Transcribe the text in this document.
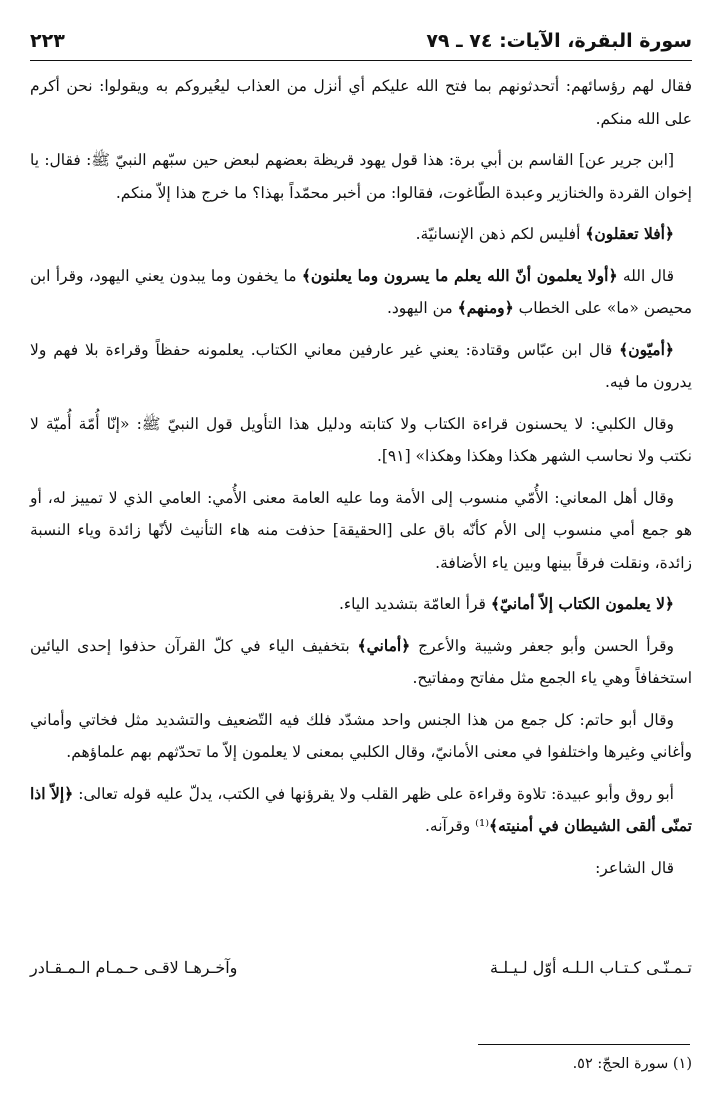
سورة البقرة، الآيات: ٧٤ ـ ٧٩
٢٢٣

فقال لهم رؤسائهم: أتحدثونهم بما فتح الله عليكم أي أنزل من العذاب ليعُيروكم به ويقولوا: نحن أكرم على الله منكم.

[ابن جرير عن] القاسم بن أبي برة: هذا قول يهود قريظة بعضهم لبعض حين سبّهم النبيّ ﷺ: فقال: يا إخوان القردة والخنازير وعبدة الطّاغوت، فقالوا: من أخبر محمّداً بهذا؟ ما خرج هذا إلاّ منكم.

﴿أفلا تعقلون﴾ أفليس لكم ذهن الإنسانيّة.

قال الله ﴿أولا يعلمون أنّ الله يعلم ما يسرون وما يعلنون﴾ ما يخفون وما يبدون يعني اليهود، وقرأ ابن محيصن «ما» على الخطاب ﴿ومنهم﴾ من اليهود.

﴿أميّون﴾ قال ابن عبّاس وقتادة: يعني غير عارفين معاني الكتاب. يعلمونه حفظاً وقراءة بلا فهم ولا يدرون ما فيه.

وقال الكلبي: لا يحسنون قراءة الكتاب ولا كتابته ودليل هذا التأويل قول النبيّ ﷺ: «إنّا أُمّة أُميّة لا نكتب ولا نحاسب الشهر هكذا وهكذا وهكذا» [٩١].

وقال أهل المعاني: الأُمّي منسوب إلى الأمة وما عليه العامة معنى الأُمي: العامي الذي لا تمييز له، أو هو جمع أمي منسوب إلى الأم كأنّه باق على [الحقيقة] حذفت منه هاء التأنيث لأنّها زائدة وياء النسبة زائدة، ونقلت فرقاً بينها وبين ياء الأضافة.

﴿لا يعلمون الكتاب إلاّ أمانيّ﴾ قرأ العامّة بتشديد الياء.

وقرأ الحسن وأبو جعفر وشيبة والأعرج ﴿أماني﴾ بتخفيف الياء في كلّ القرآن حذفوا إحدى اليائين استخفافاً وهي ياء الجمع مثل مفاتح ومفاتيح.

وقال أبو حاتم: كل جمع من هذا الجنس واحد مشدّد فلك فيه التّضعيف والتشديد مثل فخاتي وأماني وأغاني وغيرها واختلفوا في معنى الأمانيّ، وقال الكلبي بمعنى لا يعلمون إلاّ ما تحدّثهم بهم علماؤهم.

أبو روق وأبو عبيدة: تلاوة وقراءة على ظهر القلب ولا يقرؤنها في الكتب، يدلّ عليه قوله تعالى: ﴿إلاّ اذا تمنّى ألقى الشيطان في أمنيته﴾⁽¹⁾ وقرآنه.

قال الشاعر:

تـمـنّـى كـتـاب الـلـه أوّل لـيـلـة
وآخـرهـا لاقـى حـمـام الـمـقـادر
(١) سورة الحجّ: ٥٢.
